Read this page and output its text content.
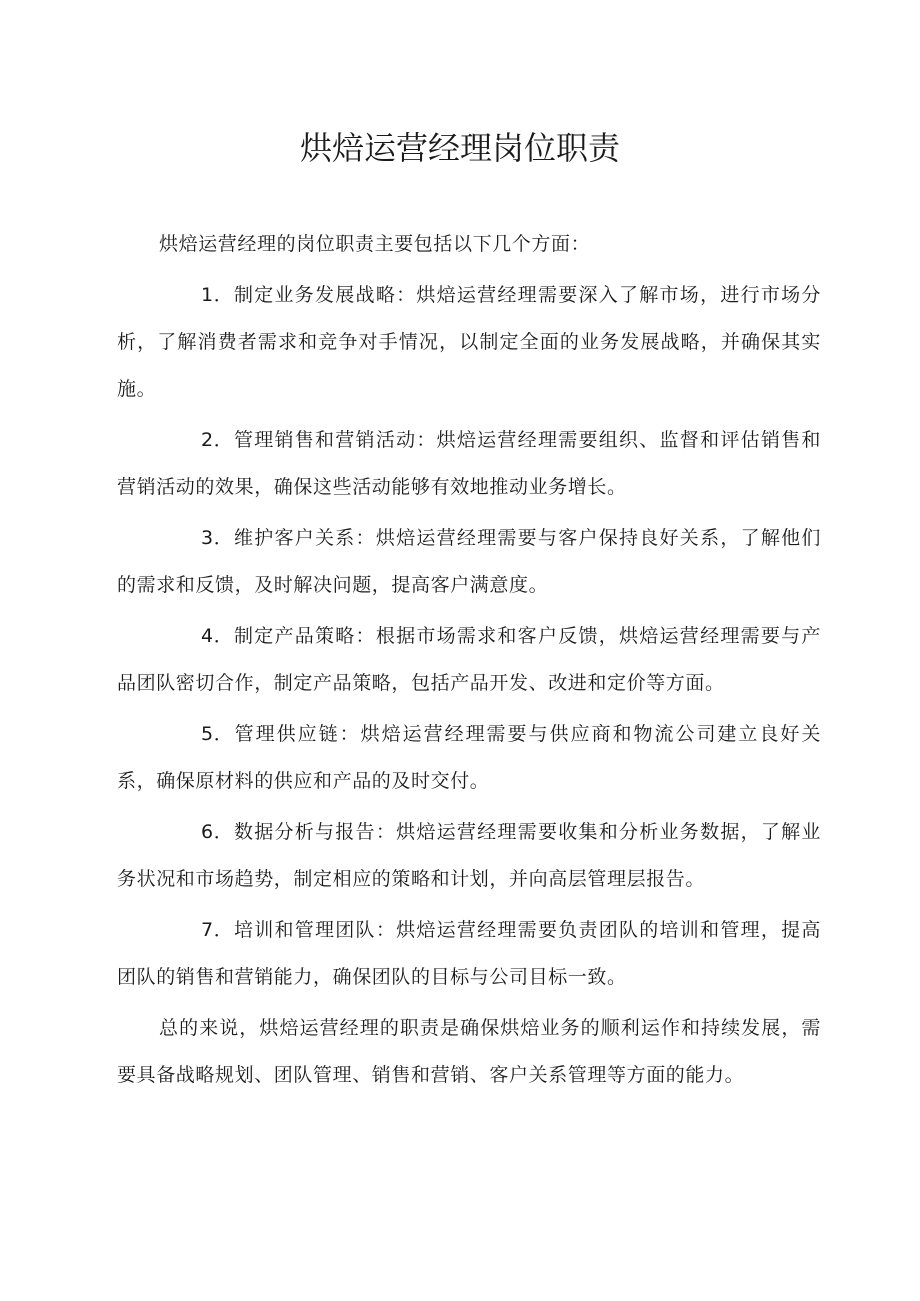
烘焙运营经理岗位职责

烘焙运营经理的岗位职责主要包括以下几个方面：

1．制定业务发展战略：烘焙运营经理需要深入了解市场，进行市场分析，了解消费者需求和竞争对手情况，以制定全面的业务发展战略，并确保其实施。

2．管理销售和营销活动：烘焙运营经理需要组织、监督和评估销售和营销活动的效果，确保这些活动能够有效地推动业务增长。

3．维护客户关系：烘焙运营经理需要与客户保持良好关系，了解他们的需求和反馈，及时解决问题，提高客户满意度。

4．制定产品策略：根据市场需求和客户反馈，烘焙运营经理需要与产品团队密切合作，制定产品策略，包括产品开发、改进和定价等方面。

5．管理供应链：烘焙运营经理需要与供应商和物流公司建立良好关系，确保原材料的供应和产品的及时交付。

6．数据分析与报告：烘焙运营经理需要收集和分析业务数据，了解业务状况和市场趋势，制定相应的策略和计划，并向高层管理层报告。

7．培训和管理团队：烘焙运营经理需要负责团队的培训和管理，提高团队的销售和营销能力，确保团队的目标与公司目标一致。

总的来说，烘焙运营经理的职责是确保烘焙业务的顺利运作和持续发展，需要具备战略规划、团队管理、销售和营销、客户关系管理等方面的能力。
